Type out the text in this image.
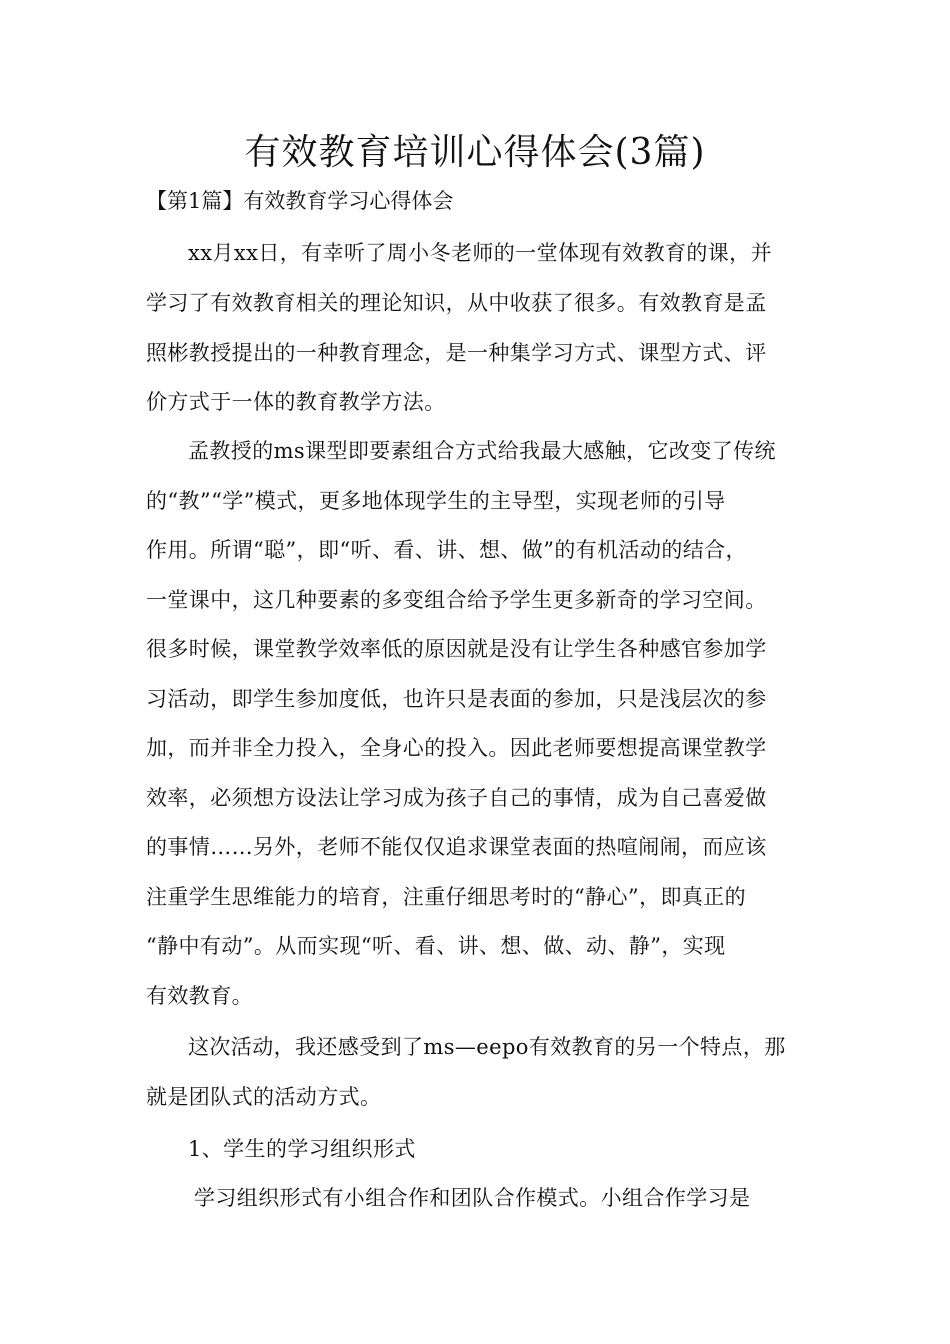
有效教育培训心得体会(3篇)
【第1篇】有效教育学习心得体会
xx月xx日，有幸听了周小冬老师的一堂体现有效教育的课，并
学习了有效教育相关的理论知识，从中收获了很多。有效教育是孟
照彬教授提出的一种教育理念，是一种集学习方式、课型方式、评
价方式于一体的教育教学方法。
孟教授的ms课型即要素组合方式给我最大感触，它改变了传统
的“教”“学”模式，更多地体现学生的主导型，实现老师的引导
作用。所谓“聪”，即“听、看、讲、想、做”的有机活动的结合，
一堂课中，这几种要素的多变组合给予学生更多新奇的学习空间。
很多时候，课堂教学效率低的原因就是没有让学生各种感官参加学
习活动，即学生参加度低，也许只是表面的参加，只是浅层次的参
加，而并非全力投入，全身心的投入。因此老师要想提高课堂教学
效率，必须想方设法让学习成为孩子自己的事情，成为自己喜爱做
的事情……另外，老师不能仅仅追求课堂表面的热喧闹闹，而应该
注重学生思维能力的培育，注重仔细思考时的“静心”，即真正的
“静中有动”。从而实现“听、看、讲、想、做、动、静”，实现
有效教育。
这次活动，我还感受到了ms—eepo有效教育的另一个特点，那
就是团队式的活动方式。
1、学生的学习组织形式
学习组织形式有小组合作和团队合作模式。小组合作学习是
